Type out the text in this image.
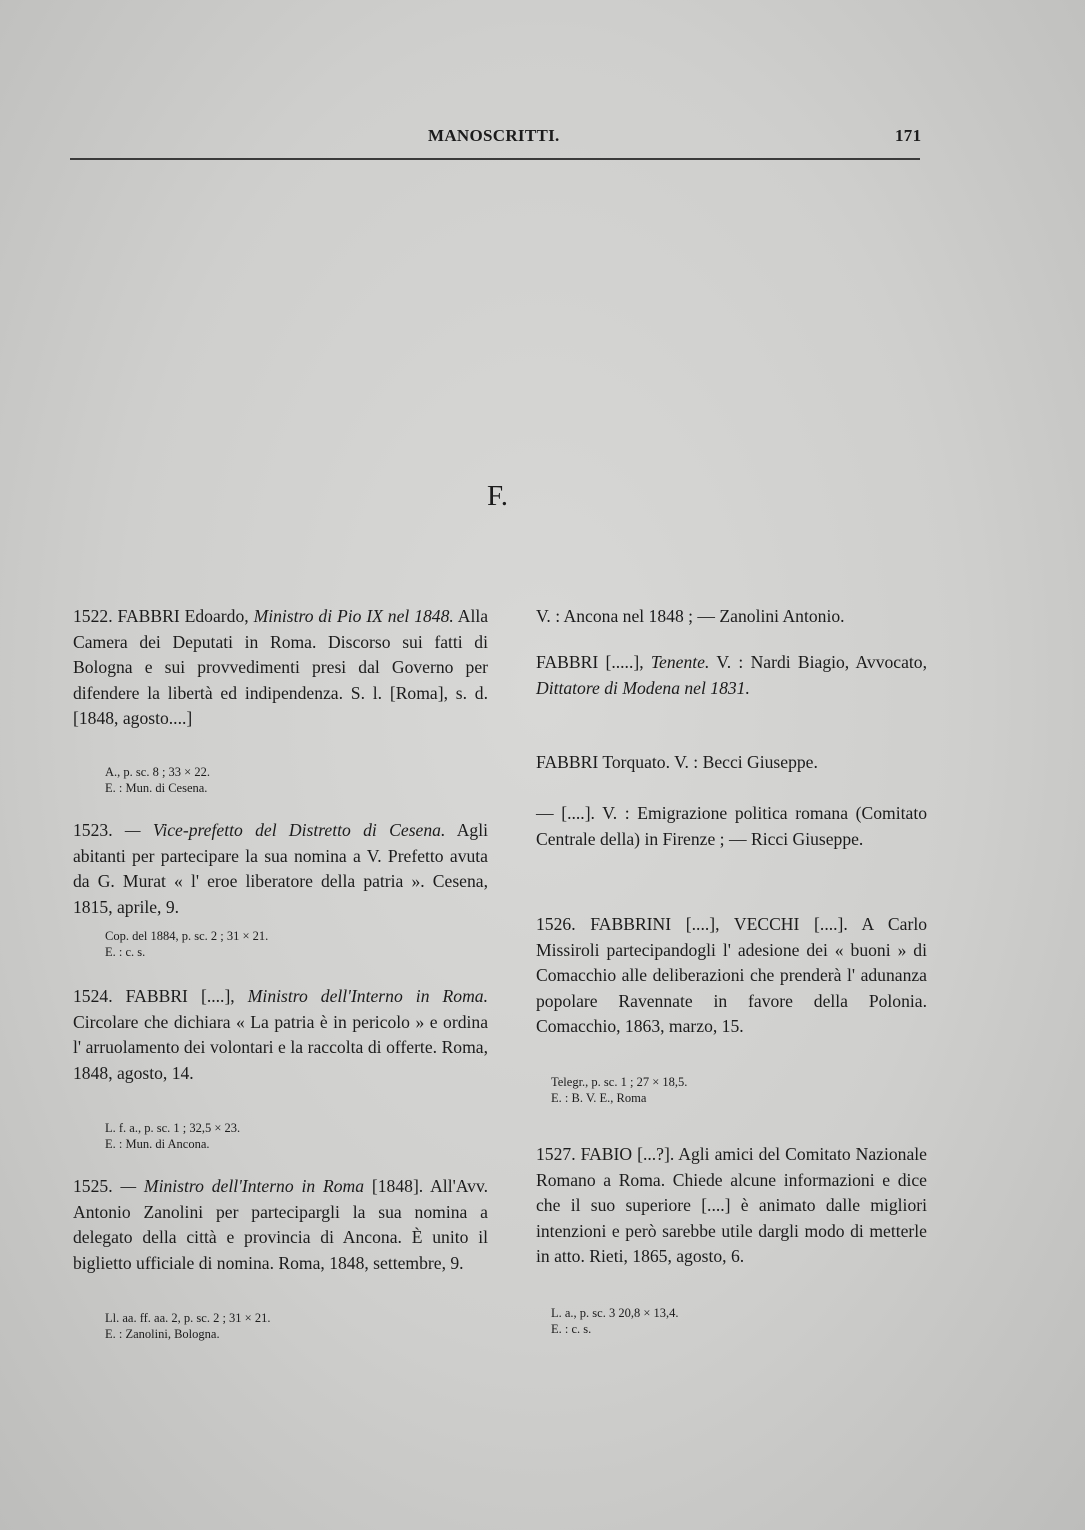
MANOSCRITTI.	171
F.
1522. FABBRI Edoardo, Ministro di Pio IX nel 1848. Alla Camera dei Deputati in Roma. Discorso sui fatti di Bologna e sui provvedimenti presi dal Governo per difendere la libertà ed indipendenza. S. l. [Roma], s. d. [1848, agosto....]
A., p. sc. 8 ; 33 × 22.
E. : Mun. di Cesena.
1523. — Vice-prefetto del Distretto di Cesena. Agli abitanti per partecipare la sua nomina a V. Prefetto avuta da G. Murat « l' eroe liberatore della patria ». Cesena, 1815, aprile, 9.
Cop. del 1884, p. sc. 2 ; 31 × 21.
E. : c. s.
1524. FABBRI [....], Ministro dell'Interno in Roma. Circolare che dichiara « La patria è in pericolo » e ordina l' arruolamento dei volontari e la raccolta di offerte. Roma, 1848, agosto, 14.
L. f. a., p. sc. 1 ; 32,5 × 23.
E. : Mun. di Ancona.
1525. — Ministro dell'Interno in Roma [1848]. All'Avv. Antonio Zanolini per partecipargli la sua nomina a delegato della città e provincia di Ancona. È unito il biglietto ufficiale di nomina. Roma, 1848, settembre, 9.
Ll. aa. ff. aa. 2, p. sc. 2 ; 31 × 21.
E. : Zanolini, Bologna.
V. : Ancona nel 1848 ; — Zanolini Antonio.
FABBRI [.....], Tenente. V. : Nardi Biagio, Avvocato, Dittatore di Modena nel 1831.
FABBRI Torquato. V. : Becci Giuseppe.
— [....]. V. : Emigrazione politica romana (Comitato Centrale della) in Firenze ; — Ricci Giuseppe.
1526. FABBRINI [....], VECCHI [....]. A Carlo Missiroli partecipandogli l' adesione dei « buoni » di Comacchio alle deliberazioni che prenderà l' adunanza popolare Ravennate in favore della Polonia. Comacchio, 1863, marzo, 15.
Telegr., p. sc. 1 ; 27 × 18,5.
E. : B. V. E., Roma
1527. FABIO [...?]. Agli amici del Comitato Nazionale Romano a Roma. Chiede alcune informazioni e dice che il suo superiore [....] è animato dalle migliori intenzioni e però sarebbe utile dargli modo di metterle in atto. Rieti, 1865, agosto, 6.
L. a., p. sc. 3 20,8 × 13,4.
E. : c. s.
